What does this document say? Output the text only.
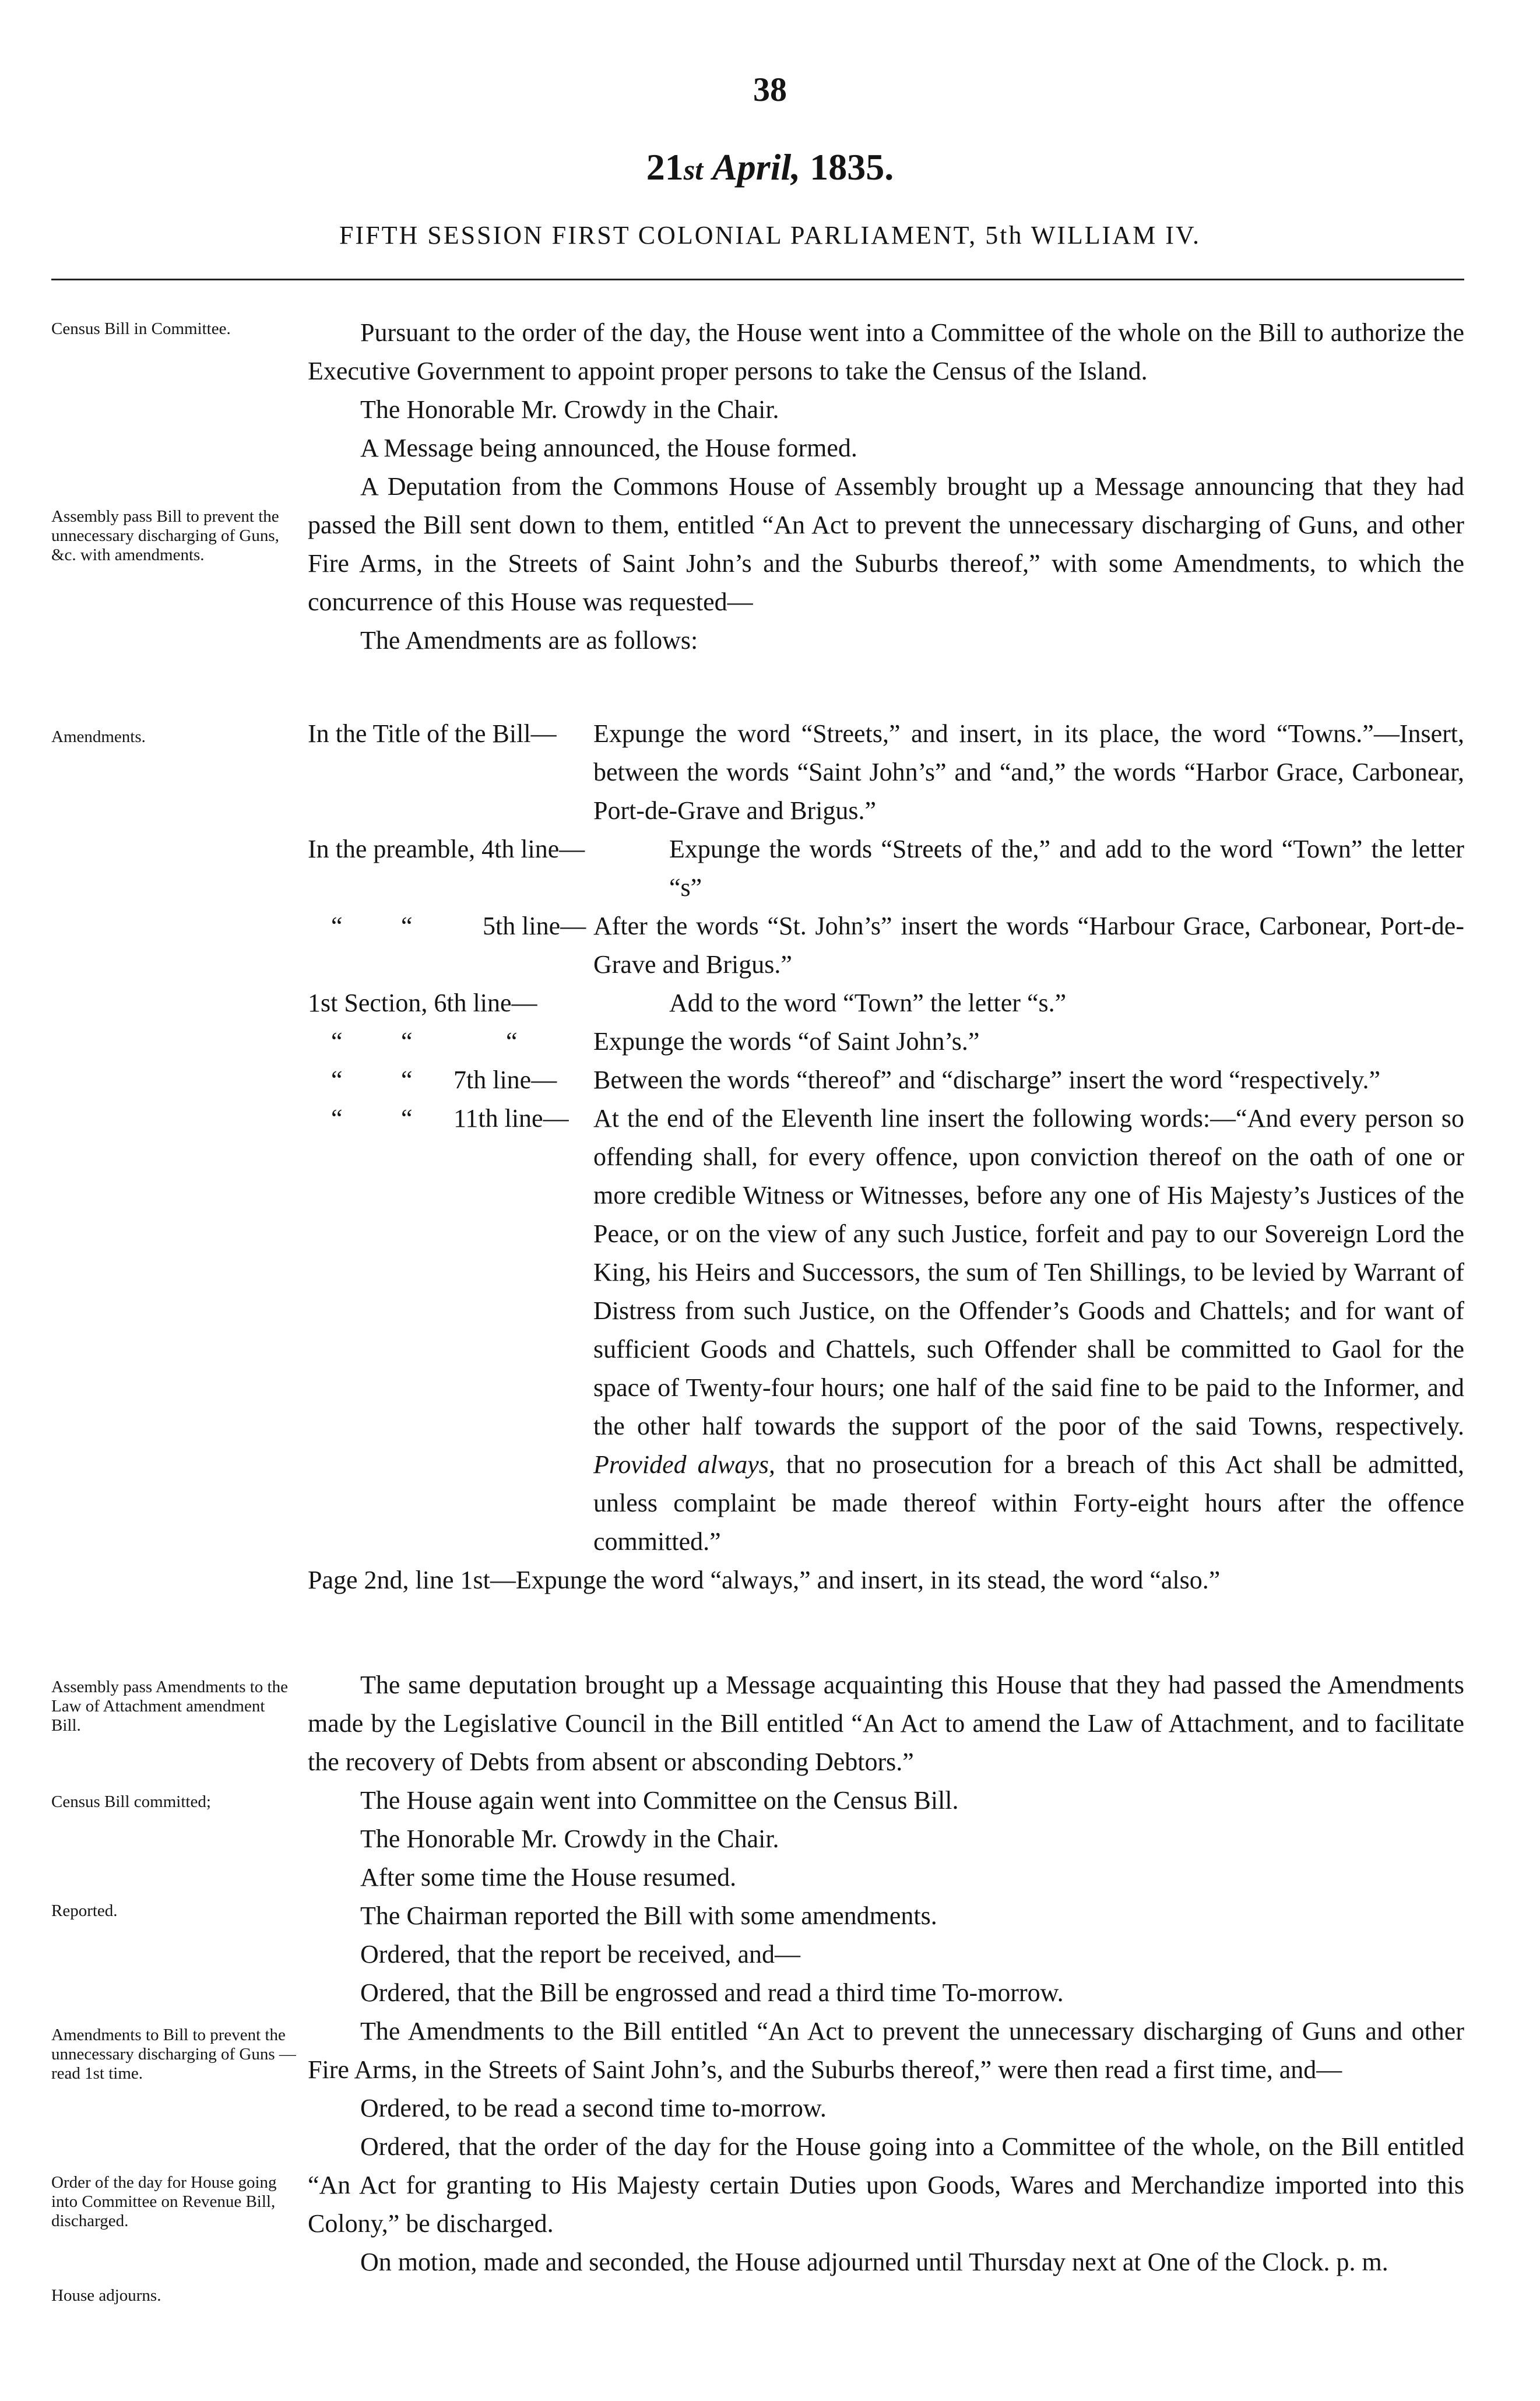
38
21st April, 1835.
FIFTH SESSION FIRST COLONIAL PARLIAMENT, 5th WILLIAM IV.
Census Bill in Committee.
Assembly pass Bill to prevent the unnecessary discharging of Guns, &c. with amendments.
Amendments.
Assembly pass Amendments to the Law of Attachment amendment Bill.
Census Bill committed;
Reported.
Amendments to Bill to prevent the unnecessary discharging of Guns —read 1st time.
Order of the day for House going into Committee on Revenue Bill, discharged.
House adjourns.

Pursuant to the order of the day, the House went into a Committee of the whole on the Bill to authorize the Executive Government to appoint proper persons to take the Census of the Island.

The Honorable Mr. Crowdy in the Chair.

A Message being announced, the House formed.

A Deputation from the Commons House of Assembly brought up a Message announcing that they had passed the Bill sent down to them, entitled “An Act to prevent the unnecessary discharging of Guns, and other Fire Arms, in the Streets of Saint John’s and the Suburbs thereof,” with some Amendments, to which the concurrence of this House was requested—

The Amendments are as follows:

In the Title of the Bill—	Expunge the word “Streets,” and insert, in its place, the word “Towns.”—Insert, between the words “Saint John’s” and “and,” the words “Harbor Grace, Carbonear, Port-de-Grave and Brigus.”
In the preamble, 4th line—	Expunge the words “Streets of the,” and add to the word “Town” the letter “s”
“ “	5th line— After the words “St. John’s” insert the words “Harbour Grace, Carbonear, Port-de-Grave and Brigus.”
1st Section, 6th line—	Add to the word “Town” the letter “s.”
“ “	“	Expunge the words “of Saint John’s.”
“ “ 7th line—	Between the words “thereof” and “discharge” insert the word “respectively.”
“ “ 11th line— At the end of the Eleventh line insert the following words:—“And every person so offending shall, for every offence, upon conviction thereof on the oath of one or more credible Witness or Witnesses, before any one of His Majesty’s Justices of the Peace, or on the view of any such Justice, forfeit and pay to our Sovereign Lord the King, his Heirs and Successors, the sum of Ten Shillings, to be levied by Warrant of Distress from such Justice, on the Offender’s Goods and Chattels; and for want of sufficient Goods and Chattels, such Offender shall be committed to Gaol for the space of Twenty-four hours; one half of the said fine to be paid to the Informer, and the other half towards the support of the poor of the said Towns, respectively. Provided always, that no prosecution for a breach of this Act shall be admitted, unless complaint be made thereof within Forty-eight hours after the offence committed.”
Page 2nd, line 1st—Expunge the word “always,” and insert, in its stead, the word “also.”

The same deputation brought up a Message acquainting this House that they had passed the Amendments made by the Legislative Council in the Bill entitled “An Act to amend the Law of Attachment, and to facilitate the recovery of Debts from absent or absconding Debtors.”

The House again went into Committee on the Census Bill.

The Honorable Mr. Crowdy in the Chair.

After some time the House resumed.

The Chairman reported the Bill with some amendments.

Ordered, that the report be received, and—

Ordered, that the Bill be engrossed and read a third time To-morrow.

The Amendments to the Bill entitled “An Act to prevent the unnecessary discharging of Guns and other Fire Arms, in the Streets of Saint John’s, and the Suburbs thereof,” were then read a first time, and—

Ordered, to be read a second time to-morrow.

Ordered, that the order of the day for the House going into a Committee of the whole, on the Bill entitled “An Act for granting to His Majesty certain Duties upon Goods, Wares and Merchandize imported into this Colony,” be discharged.

On motion, made and seconded, the House adjourned until Thursday next at One of the Clock. p. m.
